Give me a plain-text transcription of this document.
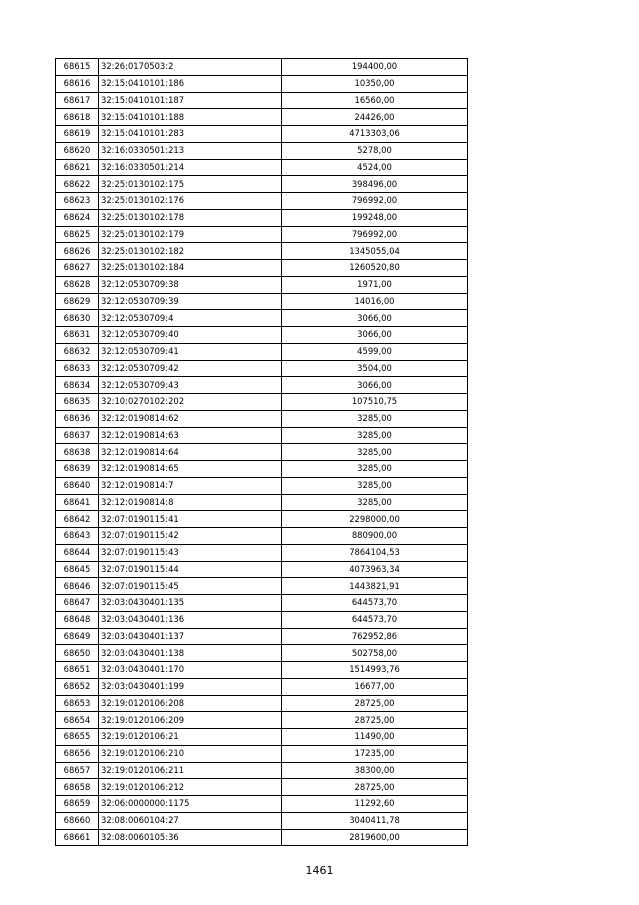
68615	32:26:0170503:2	194400,00
68616	32:15:0410101:186	10350,00
68617	32:15:0410101:187	16560,00
68618	32:15:0410101:188	24426,00
68619	32:15:0410101:283	4713303,06
68620	32:16:0330501:213	5278,00
68621	32:16:0330501:214	4524,00
68622	32:25:0130102:175	398496,00
68623	32:25:0130102:176	796992,00
68624	32:25:0130102:178	199248,00
68625	32:25:0130102:179	796992,00
68626	32:25:0130102:182	1345055,04
68627	32:25:0130102:184	1260520,80
68628	32:12:0530709:38	1971,00
68629	32:12:0530709:39	14016,00
68630	32:12:0530709:4	3066,00
68631	32:12:0530709:40	3066,00
68632	32:12:0530709:41	4599,00
68633	32:12:0530709:42	3504,00
68634	32:12:0530709:43	3066,00
68635	32:10:0270102:202	107510,75
68636	32:12:0190814:62	3285,00
68637	32:12:0190814:63	3285,00
68638	32:12:0190814:64	3285,00
68639	32:12:0190814:65	3285,00
68640	32:12:0190814:7	3285,00
68641	32:12:0190814:8	3285,00
68642	32:07:0190115:41	2298000,00
68643	32:07:0190115:42	880900,00
68644	32:07:0190115:43	7864104,53
68645	32:07:0190115:44	4073963,34
68646	32:07:0190115:45	1443821,91
68647	32:03:0430401:135	644573,70
68648	32:03:0430401:136	644573,70
68649	32:03:0430401:137	762952,86
68650	32:03:0430401:138	502758,00
68651	32:03:0430401:170	1514993,76
68652	32:03:0430401:199	16677,00
68653	32:19:0120106:208	28725,00
68654	32:19:0120106:209	28725,00
68655	32:19:0120106:21	11490,00
68656	32:19:0120106:210	17235,00
68657	32:19:0120106:211	38300,00
68658	32:19:0120106:212	28725,00
68659	32:06:0000000:1175	11292,60
68660	32:08:0060104:27	3040411,78
68661	32:08:0060105:36	2819600,00
1461
